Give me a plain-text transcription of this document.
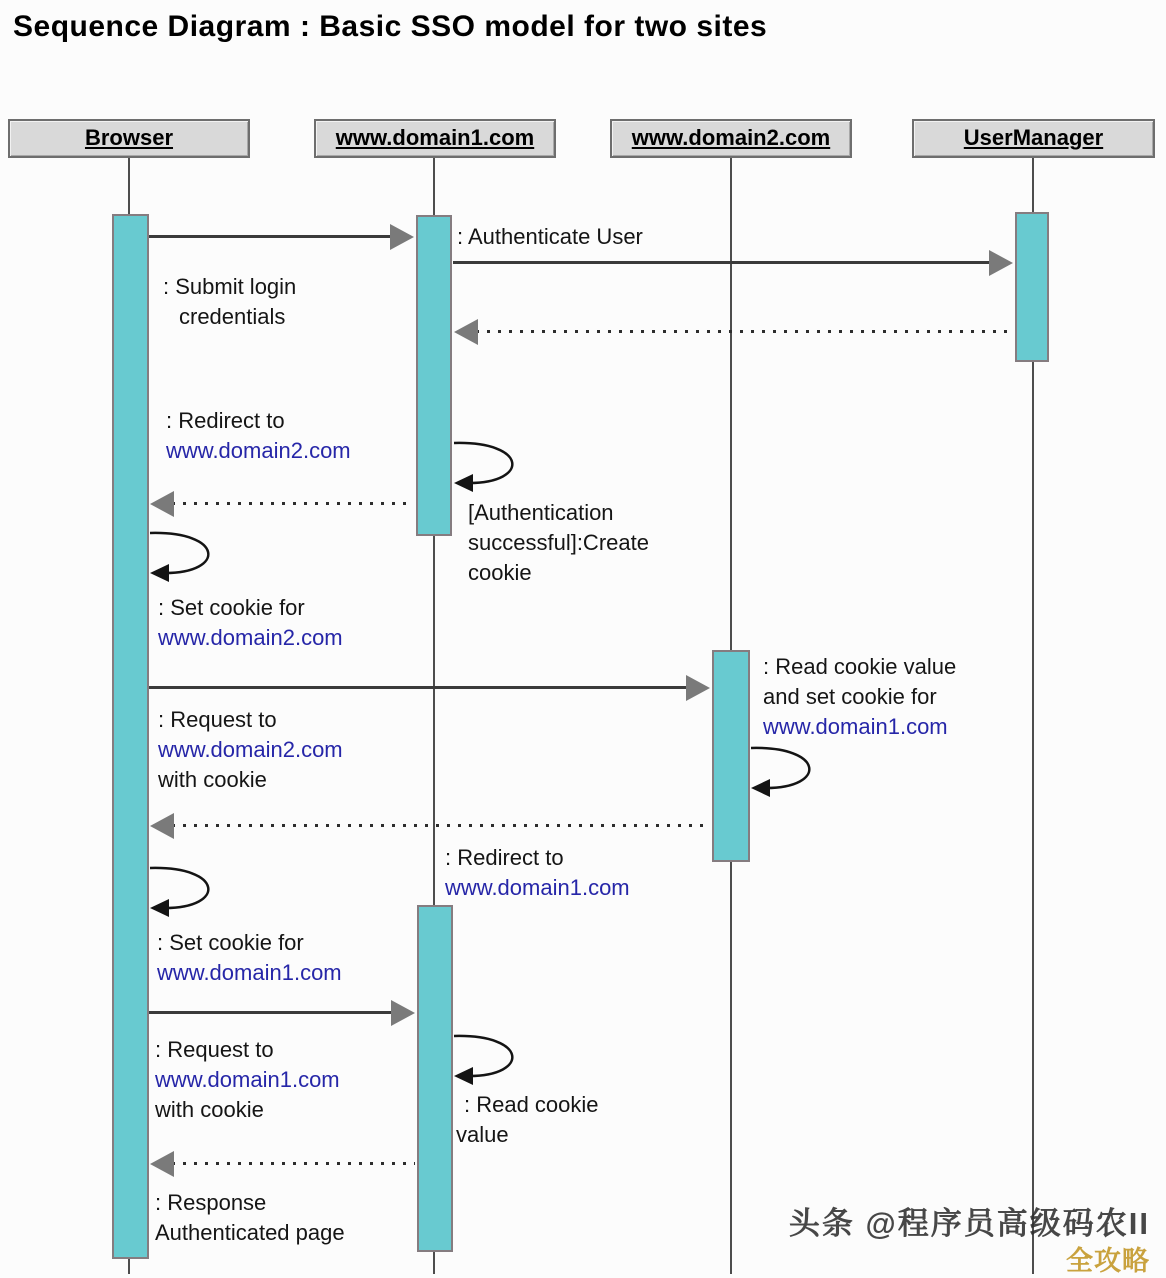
Sequence Diagram : Basic SSO model for two sites
头条 @程序员高级码农II
全攻略
Browser	www.domain1.com	www.domain2.com	UserManager
: Submit login
credentials
: Authenticate User
: Redirect to
www.domain2.com
[Authentication
successful]:Create
cookie
: Set cookie for
www.domain2.com
: Request to
www.domain2.com
with cookie
: Read cookie value
and set cookie for
www.domain1.com
: Redirect to
www.domain1.com
: Set cookie for
www.domain1.com
: Request to
www.domain1.com
with cookie	: Read cookie
value
: Response
Authenticated page
